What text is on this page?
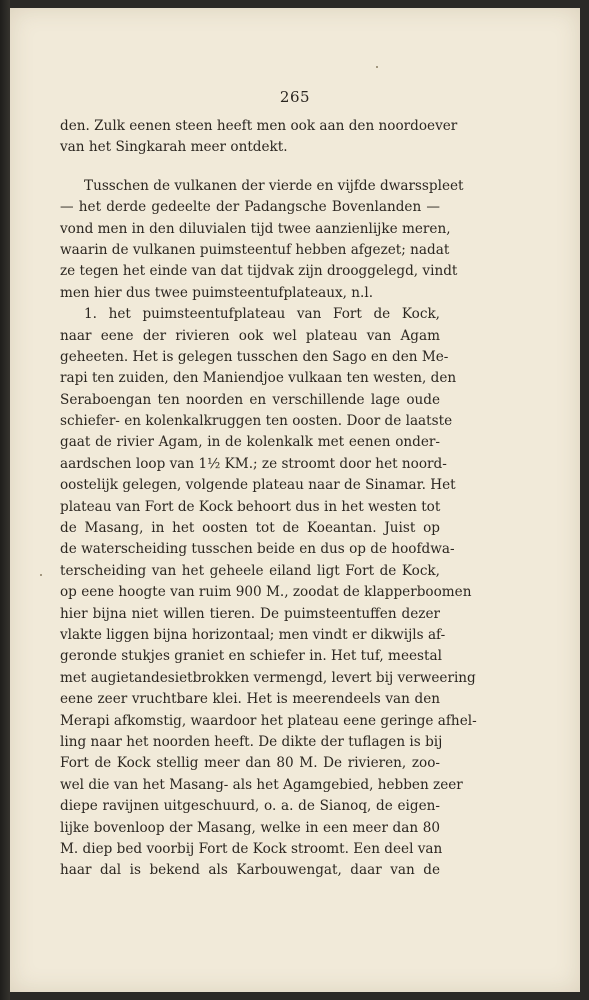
265
den. Zulk eenen steen heeft men ook aan den noordoever
van het Singkarah meer ontdekt.
Tusschen de vulkanen der vierde en vijfde dwarsspleet
— het derde gedeelte der Padangsche Bovenlanden —
vond men in den diluvialen tijd twee aanzienlijke meren,
waarin de vulkanen puimsteentuf hebben afgezet; nadat
ze tegen het einde van dat tijdvak zijn drooggelegd, vindt
men hier dus twee puimsteentufplateaux, n.l.
1. het puimsteentufplateau van Fort de Kock,
naar eene der rivieren ook wel plateau van Agam
geheeten. Het is gelegen tusschen den Sago en den Me-
rapi ten zuiden, den Maniendjoe vulkaan ten westen, den
Seraboengan ten noorden en verschillende lage oude
schiefer- en kolenkalkruggen ten oosten. Door de laatste
gaat de rivier Agam, in de kolenkalk met eenen onder-
aardschen loop van 1½ KM.; ze stroomt door het noord-
oostelijk gelegen, volgende plateau naar de Sinamar. Het
plateau van Fort de Kock behoort dus in het westen tot
de Masang, in het oosten tot de Koeantan. Juist op
de waterscheiding tusschen beide en dus op de hoofdwa-
terscheiding van het geheele eiland ligt Fort de Kock,
op eene hoogte van ruim 900 M., zoodat de klapperboomen
hier bijna niet willen tieren. De puimsteentuffen dezer
vlakte liggen bijna horizontaal; men vindt er dikwijls af-
geronde stukjes graniet en schiefer in. Het tuf, meestal
met augietandesietbrokken vermengd, levert bij verweering
eene zeer vruchtbare klei. Het is meerendeels van den
Merapi afkomstig, waardoor het plateau eene geringe afhel-
ling naar het noorden heeft. De dikte der tuflagen is bij
Fort de Kock stellig meer dan 80 M. De rivieren, zoo-
wel die van het Masang- als het Agamgebied, hebben zeer
diepe ravijnen uitgeschuurd, o. a. de Sianoq, de eigen-
lijke bovenloop der Masang, welke in een meer dan 80
M. diep bed voorbij Fort de Kock stroomt. Een deel van
haar dal is bekend als Karbouwengat, daar van de
